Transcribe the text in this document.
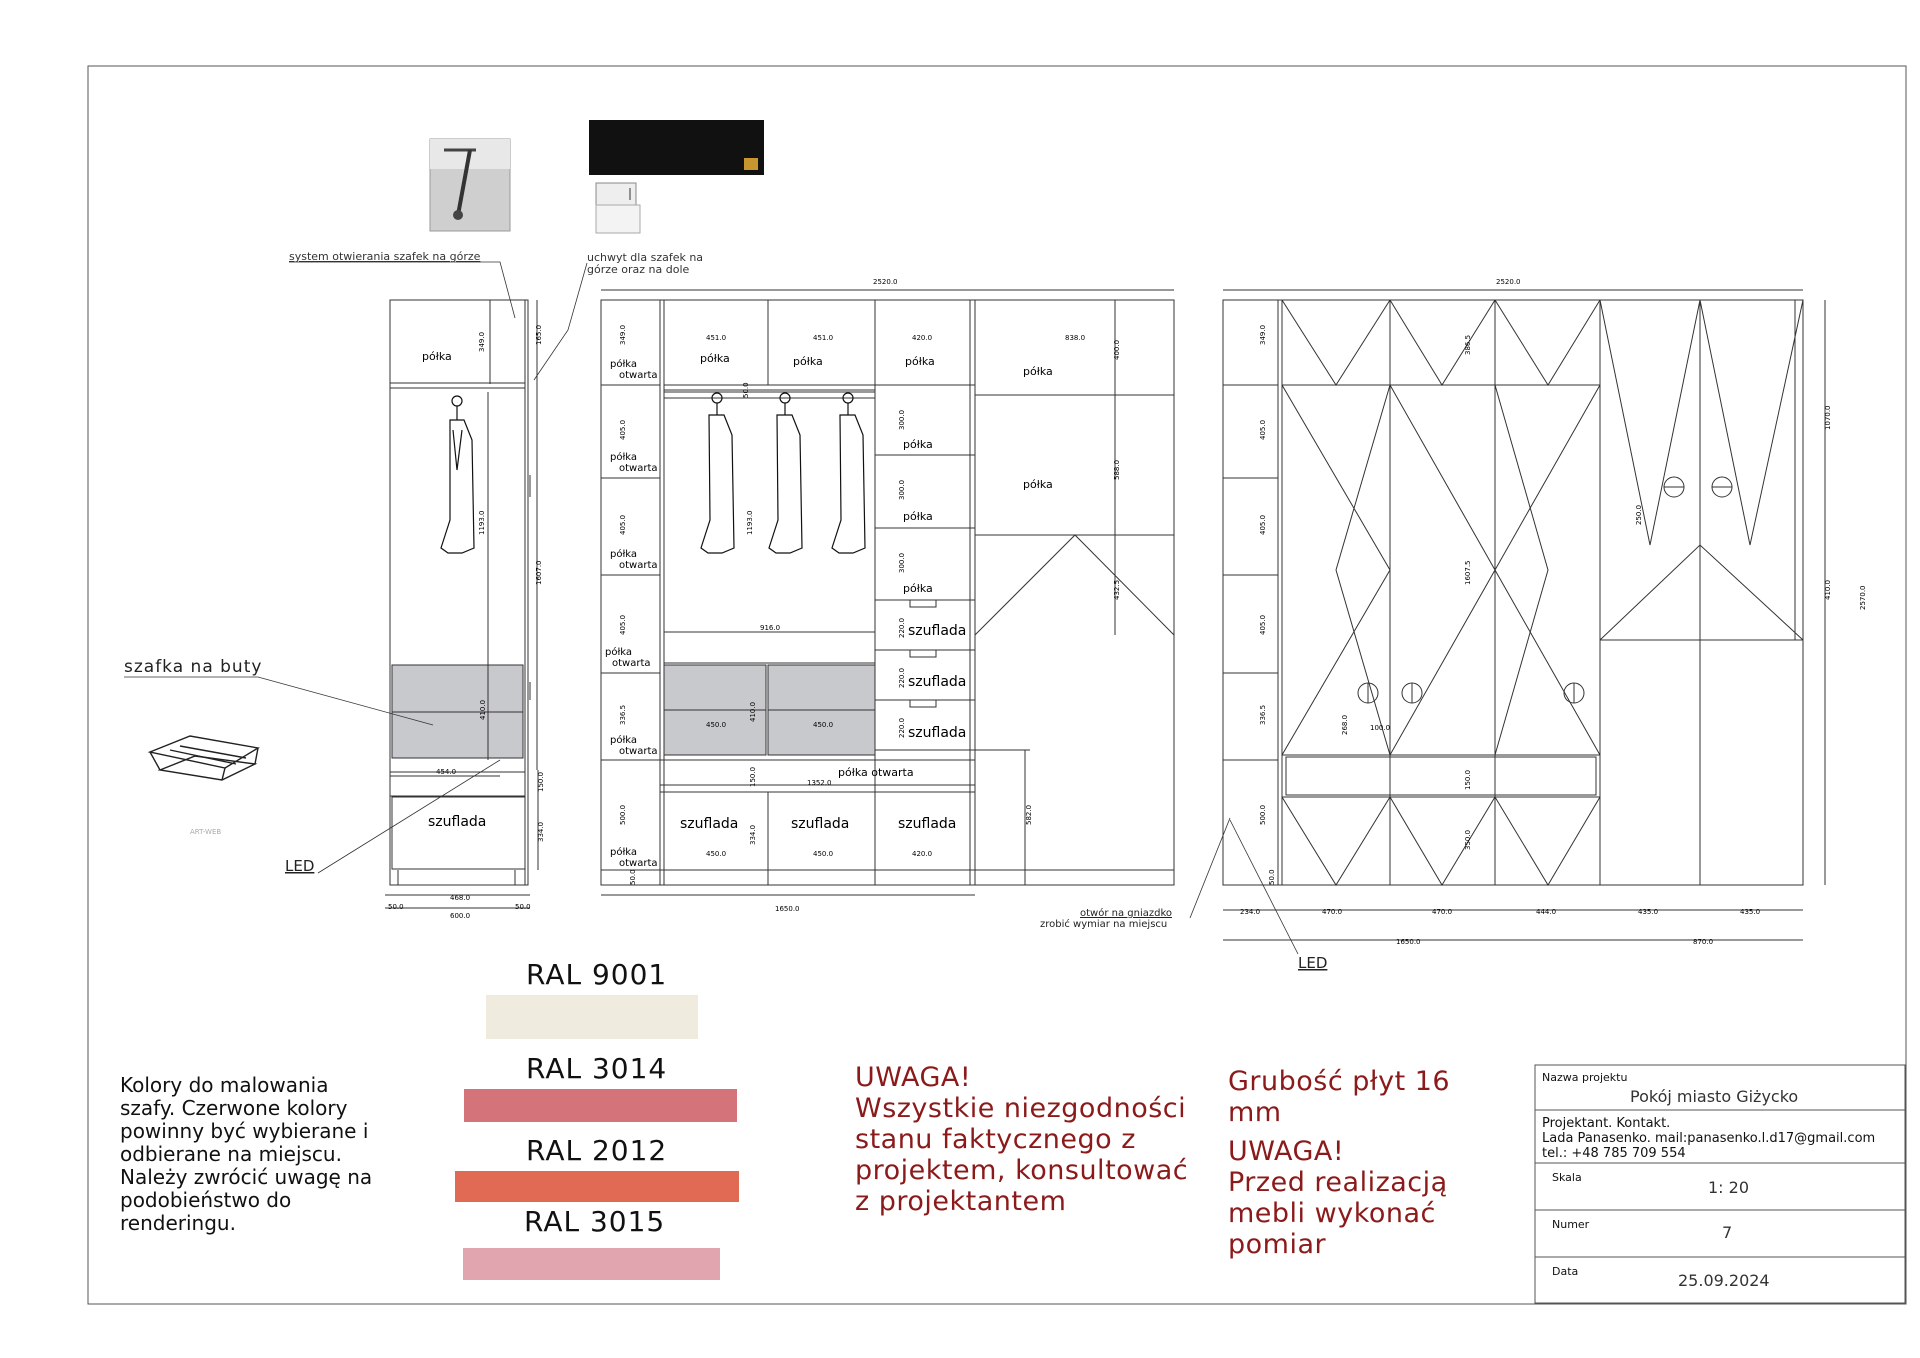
system otwierania szafek na górze	uchwyt dla szafek na
górze oraz na dole
półka
szuflada
349.0	165.0
1193.0
1607.0
410.0
150.0
334.0
454.0
468.0
600.0
50.0	50.0
szafka na buty
ART-WEB
LED
2520.0
451.0	451.0	420.0	838.0
916.0
1193.0
50.0
410.0
450.0	450.0
150.0	1352.0
334.0
450.0	450.0	420.0
1650.0
582.0
349.0
405.0
405.0
405.0
336.5
500.0
50.0
300.0
300.0
300.0
220.0
220.0
220.0
400.0
588.0
432.5
półka	półka	półka
półka
półka
półka
półka
półka
półka
otwarta
półka
otwarta
półka
otwarta
półka
otwarta
półka
otwarta
półka
otwarta
półka otwarta
szuflada	szuflada	szuflada
szuflada
szuflada
szuflada
otwór na gniazdko
zrobić wymiar na miejscu
2520.0
349.0
405.0
405.0
405.0
336.5
500.0
50.0
386.5
1607.5
150.0
350.0
268.0	100.0
250.0
1070.0
410.0	2570.0
234.0	470.0	470.0	444.0	435.0	435.0
1650.0	870.0
LED
RAL 9001
RAL 3014
RAL 2012
RAL 3015
Kolory do malowania
szafy. Czerwone kolory
powinny być wybierane i
odbierane na miejscu.
Należy zwrócić uwagę na
podobieństwo do
renderingu.
UWAGA!
Wszystkie niezgodności
stanu faktycznego z
projektem, konsultować
z projektantem
Grubość płyt 16
mm
UWAGA!
Przed realizacją
mebli wykonać
pomiar
Nazwa projektu
Pokój miasto Giżycko
Projektant. Kontakt.
Lada Panasenko. mail:panasenko.l.d17@gmail.com
tel.: +48 785 709 554
Skala
1: 20
Numer	7
Data	25.09.2024
